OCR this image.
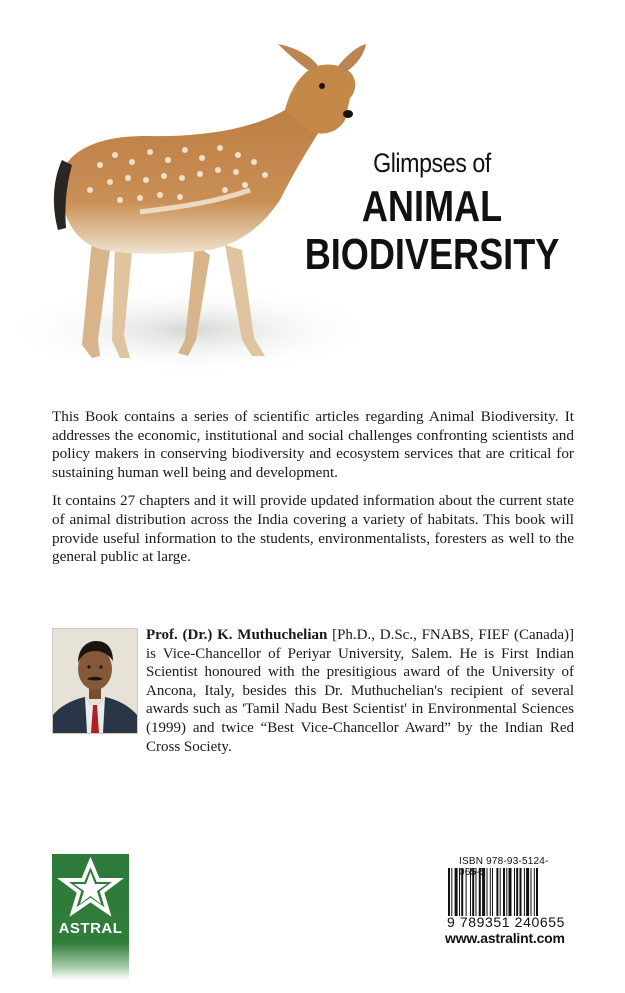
Glimpses of
ANIMAL
BIODIVERSITY

This Book contains a series of scientific articles regarding Animal Biodiversity. It addresses the economic, institutional and social challenges confronting scientists and policy makers in conserving biodiversity and ecosystem services that are critical for sustaining human well being and development.

It contains 27 chapters and it will provide updated information about the current state of animal distribution across the India covering a variety of habitats. This book will provide useful information to the students, environmentalists, foresters as well to the general public at large.

Prof. (Dr.) K. Muthuchelian [Ph.D., D.Sc., FNABS, FIEF (Canada)] is Vice-Chancellor of Periyar University, Salem. He is First Indian Scientist honoured with the presitigious award of the University of Ancona, Italy, besides this Dr. Muthuchelian's recipient of several awards such as 'Tamil Nadu Best Scientist' in Environmental Sciences (1999) and twice “Best Vice-Chancellor Award” by the Indian Red Cross Society.
ASTRAL
ISBN 978-93-5124-065-5
9 789351 240655
www.astralint.com
